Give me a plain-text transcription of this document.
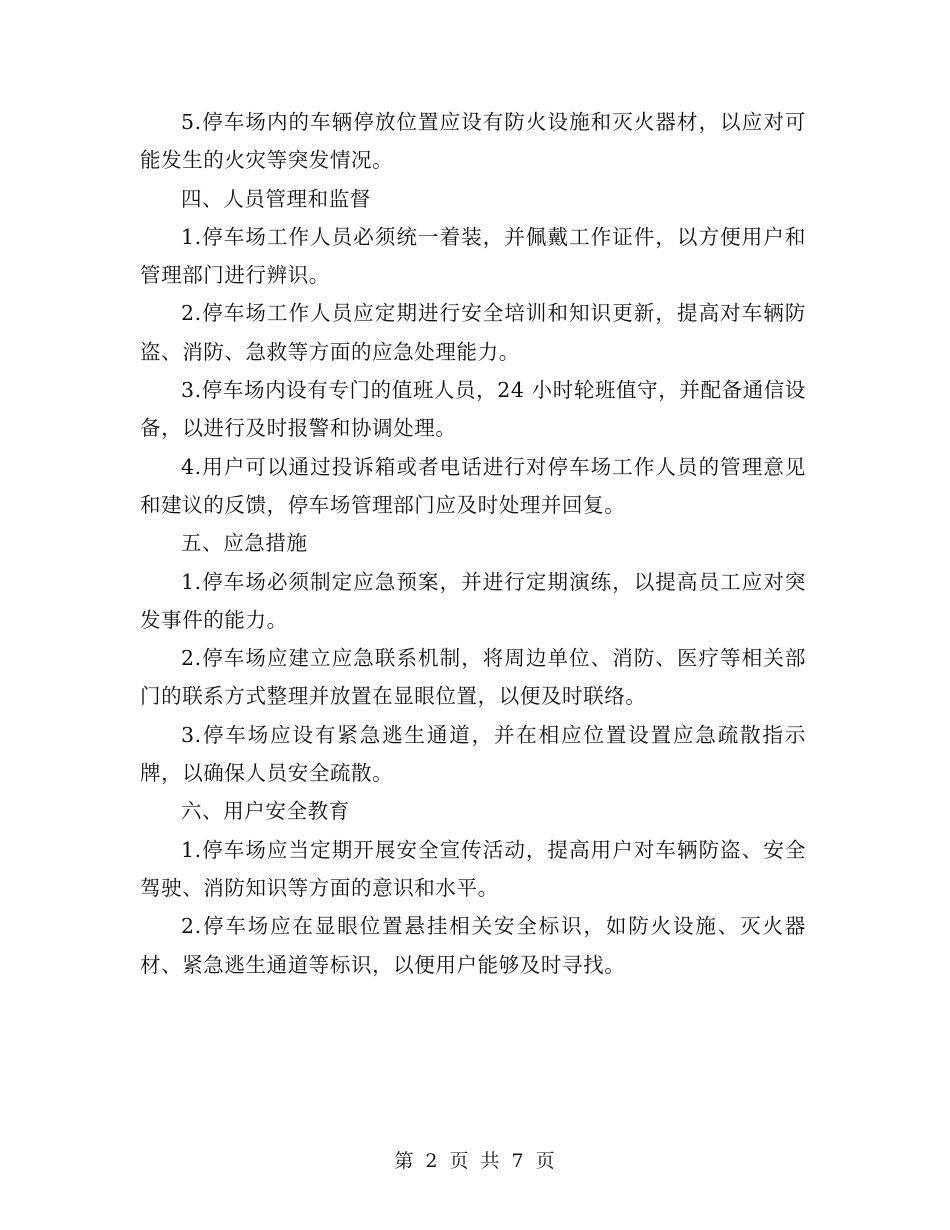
5.停车场内的车辆停放位置应设有防火设施和灭火器材，以应对可能发生的火灾等突发情况。

四、人员管理和监督

1.停车场工作人员必须统一着装，并佩戴工作证件，以方便用户和管理部门进行辨识。

2.停车场工作人员应定期进行安全培训和知识更新，提高对车辆防盗、消防、急救等方面的应急处理能力。

3.停车场内设有专门的值班人员，24 小时轮班值守，并配备通信设备，以进行及时报警和协调处理。

4.用户可以通过投诉箱或者电话进行对停车场工作人员的管理意见和建议的反馈，停车场管理部门应及时处理并回复。

五、应急措施

1.停车场必须制定应急预案，并进行定期演练，以提高员工应对突发事件的能力。

2.停车场应建立应急联系机制，将周边单位、消防、医疗等相关部门的联系方式整理并放置在显眼位置，以便及时联络。

3.停车场应设有紧急逃生通道，并在相应位置设置应急疏散指示牌，以确保人员安全疏散。

六、用户安全教育

1.停车场应当定期开展安全宣传活动，提高用户对车辆防盗、安全驾驶、消防知识等方面的意识和水平。

2.停车场应在显眼位置悬挂相关安全标识，如防火设施、灭火器材、紧急逃生通道等标识，以便用户能够及时寻找。

第 2 页 共 7 页
